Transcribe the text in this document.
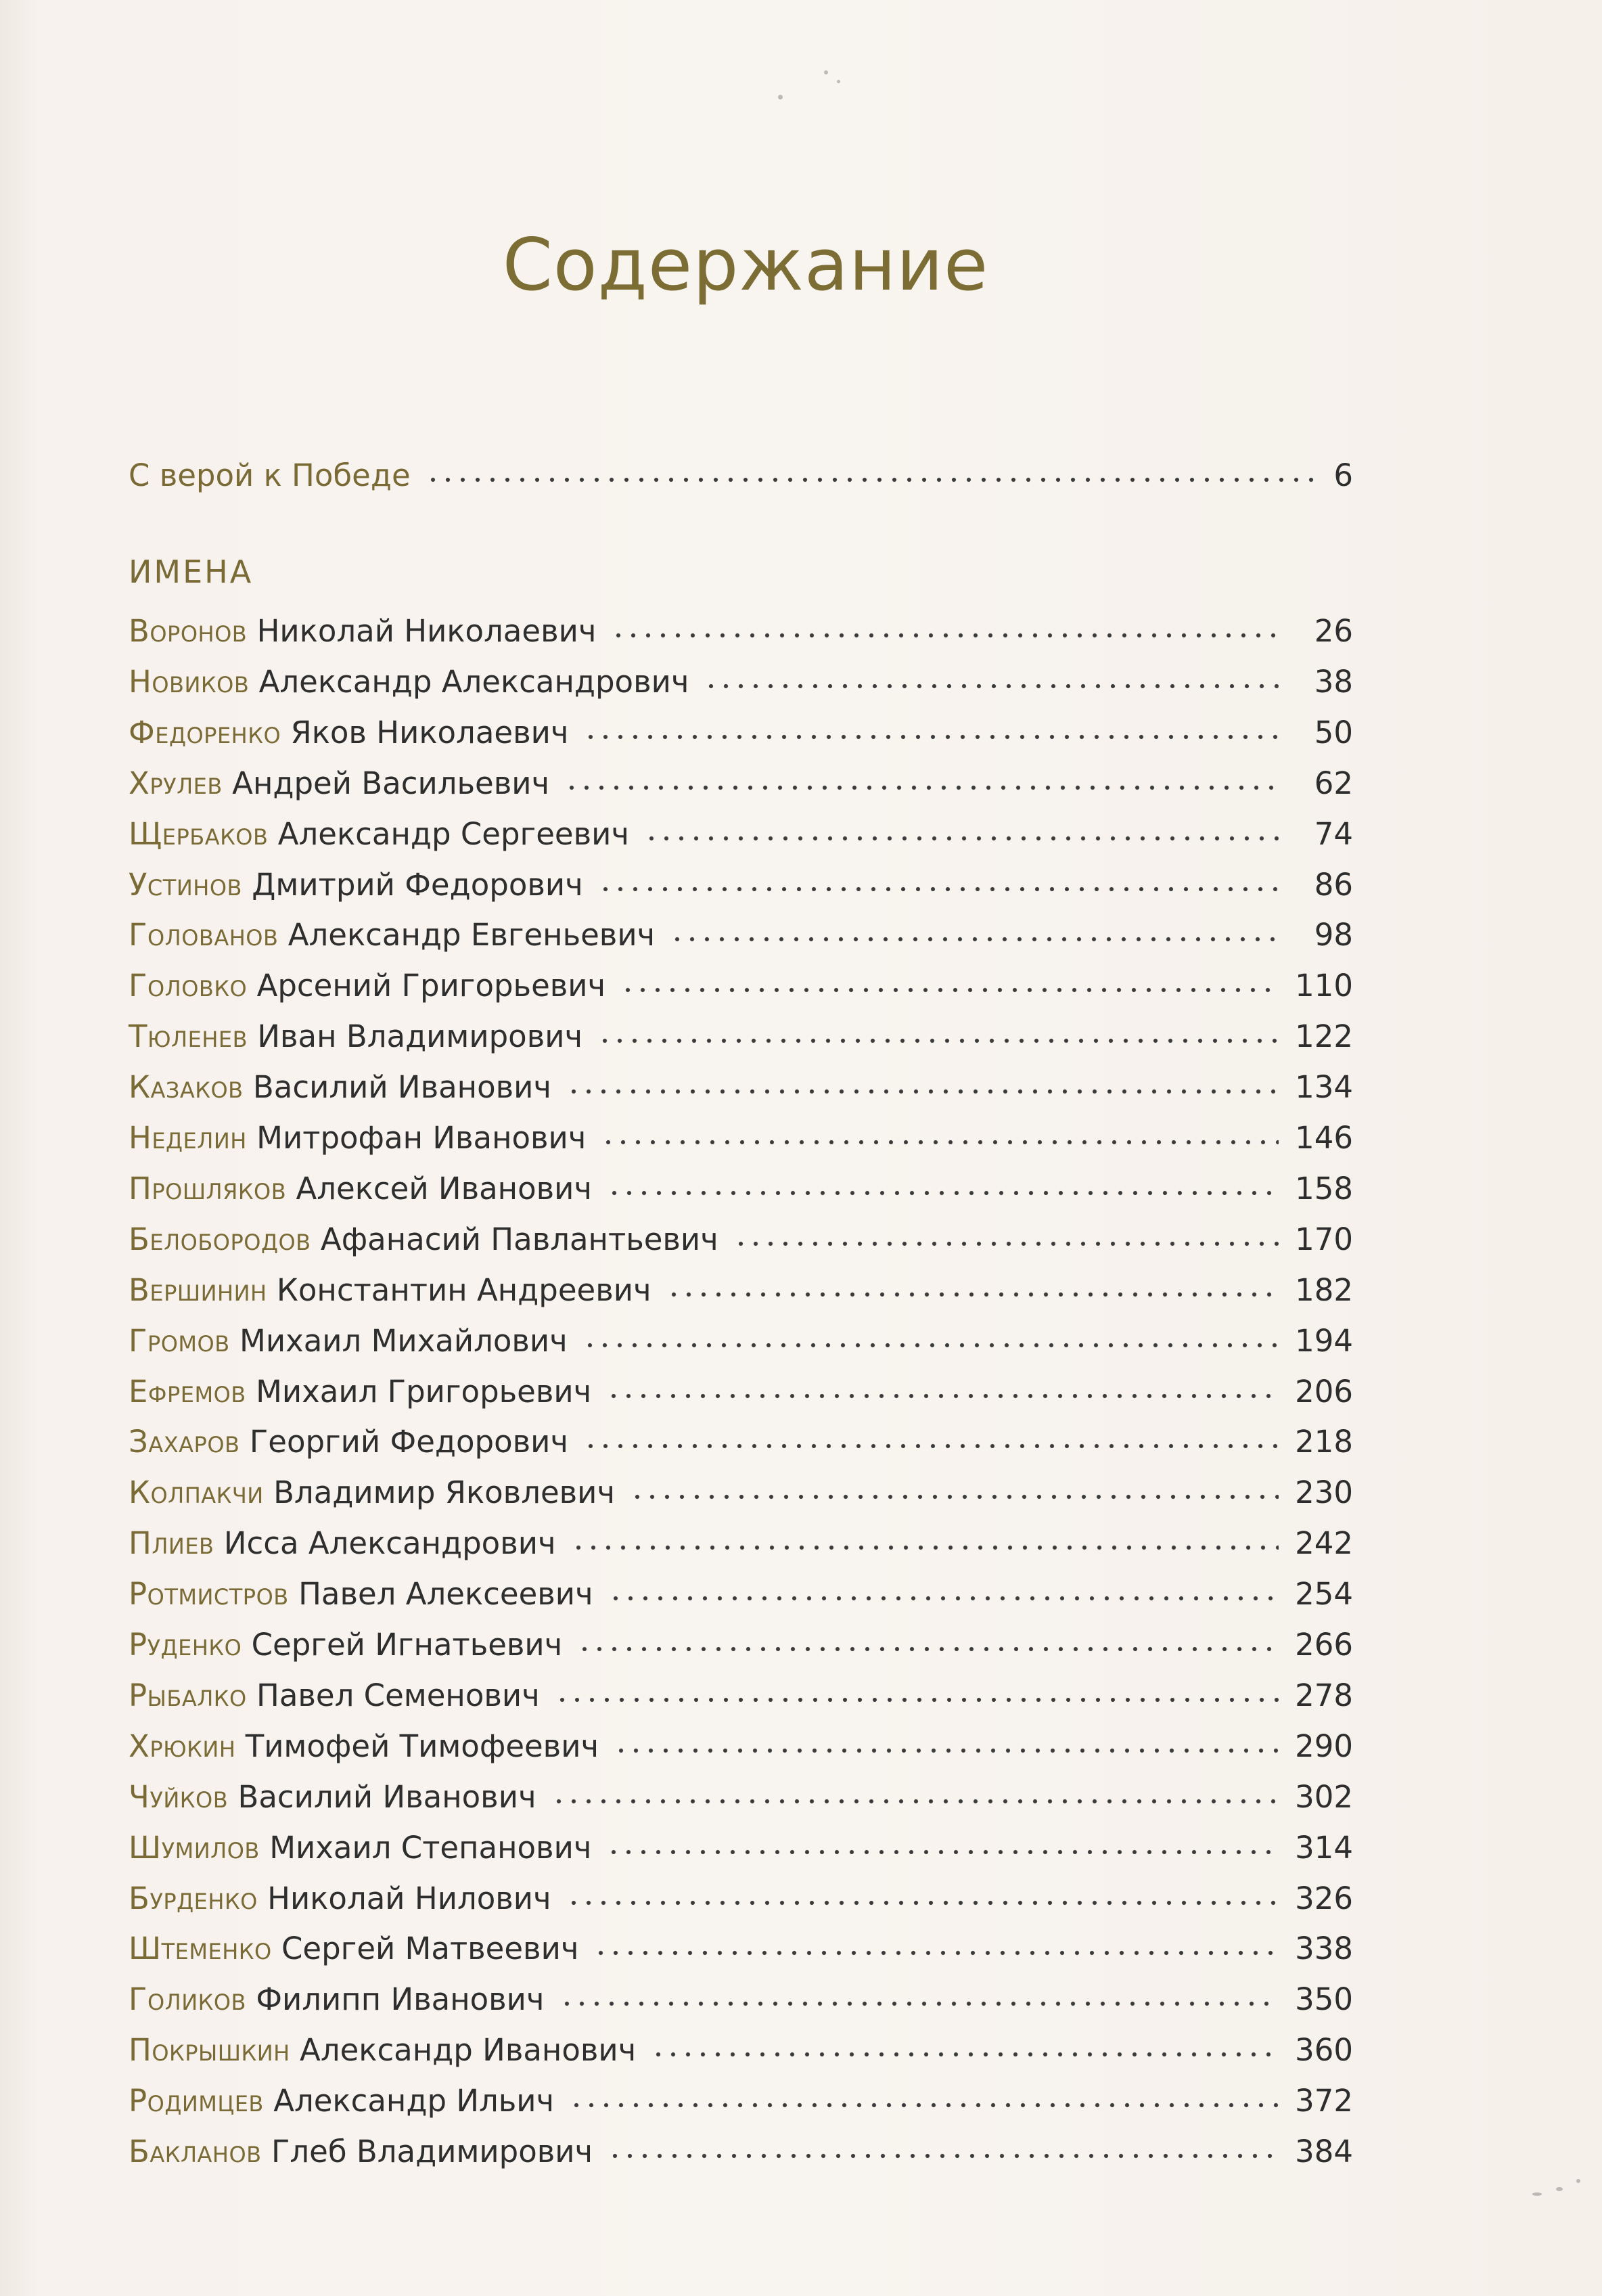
Содержание
С верой к Победе	6
ИМЕНА
Воронов Николай Николаевич	26
Новиков Александр Александрович	38
Федоренко Яков Николаевич	50
Хрулев Андрей Васильевич	62
Щербаков Александр Сергеевич	74
Устинов Дмитрий Федорович	86
Голованов Александр Евгеньевич	98
Головко Арсений Григорьевич	110
Тюленев Иван Владимирович	122
Казаков Василий Иванович	134
Неделин Митрофан Иванович	146
Прошляков Алексей Иванович	158
Белобородов Афанасий Павлантьевич	170
Вершинин Константин Андреевич	182
Громов Михаил Михайлович	194
Ефремов Михаил Григорьевич	206
Захаров Георгий Федорович	218
Колпакчи Владимир Яковлевич	230
Плиев Исса Александрович	242
Ротмистров Павел Алексеевич	254
Руденко Сергей Игнатьевич	266
Рыбалко Павел Семенович	278
Хрюкин Тимофей Тимофеевич	290
Чуйков Василий Иванович	302
Шумилов Михаил Степанович	314
Бурденко Николай Нилович	326
Штеменко Сергей Матвеевич	338
Голиков Филипп Иванович	350
Покрышкин Александр Иванович	360
Родимцев Александр Ильич	372
Бакланов Глеб Владимирович	384
